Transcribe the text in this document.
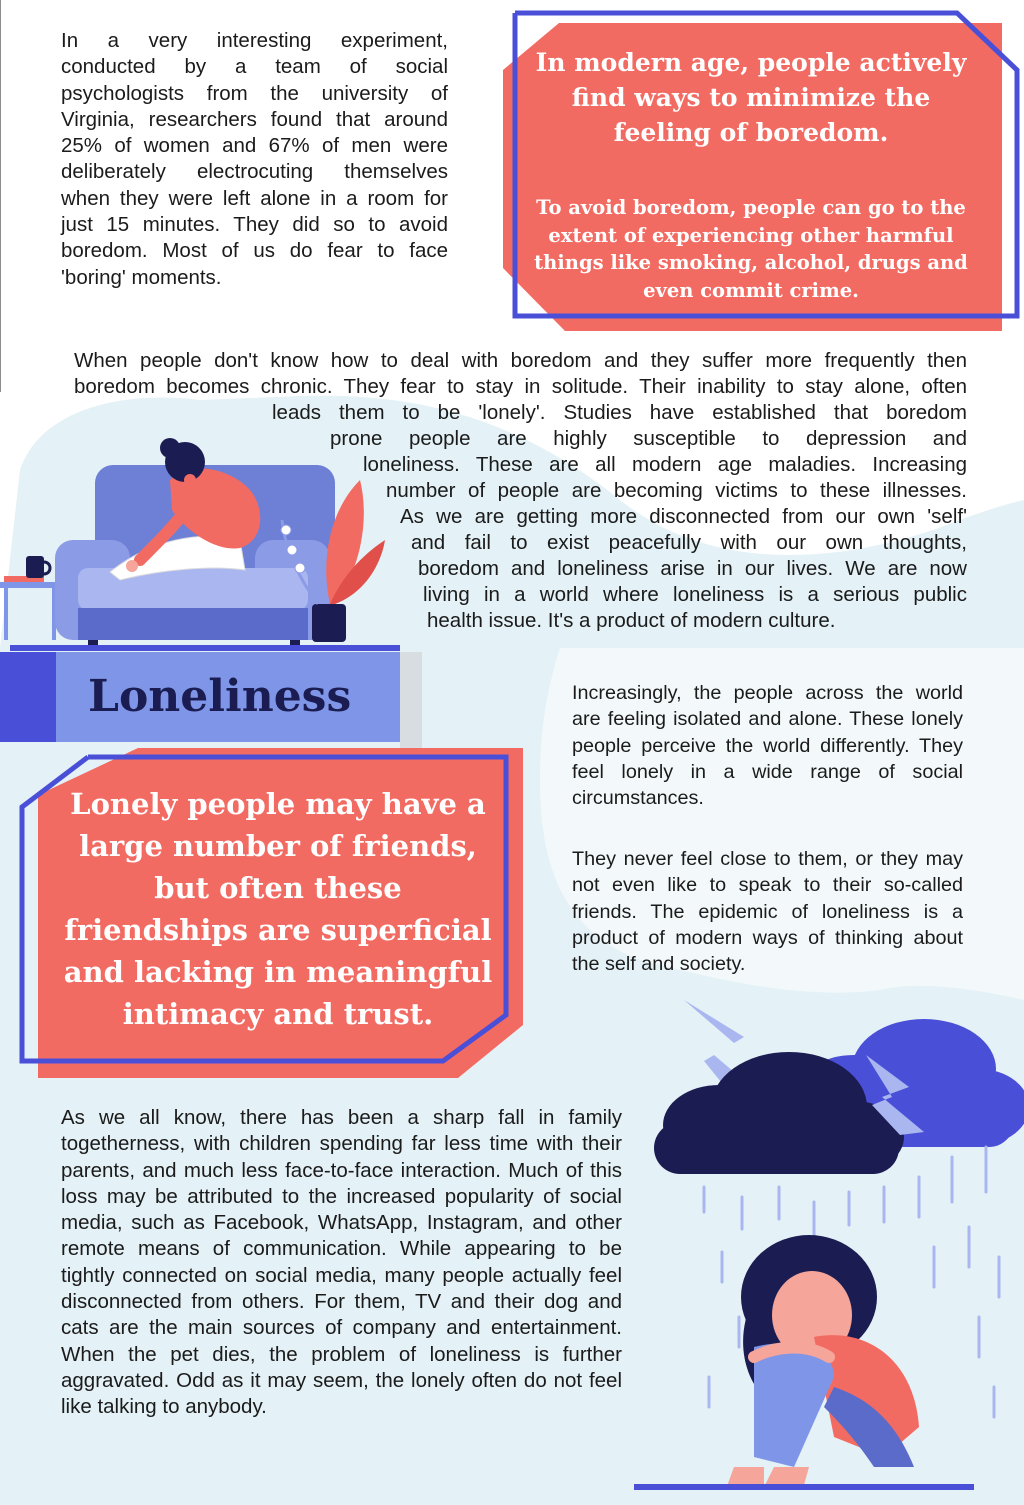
In a very interesting experiment, conducted by a team of social psychologists from the university of Virginia, researchers found that around 25% of women and 67% of men were deliberately electrocuting themselves when they were left alone in a room for just 15 minutes. They did so to avoid boredom. Most of us do fear to face 'boring' moments.

In modern age, people actively find ways to minimize the feeling of boredom.

To avoid boredom, people can go to the extent of experiencing other harmful things like smoking, alcohol, drugs and even commit crime.

When people don't know how to deal with boredom and they suffer more frequently then
boredom becomes chronic. They fear to stay in solitude. Their inability to stay alone, often
leads them to be 'lonely'. Studies have established that boredom
prone people are highly susceptible to depression and
loneliness. These are all modern age maladies. Increasing
number of people are becoming victims to these illnesses.
As we are getting more disconnected from our own 'self'
and fail to exist peacefully with our own thoughts,
boredom and loneliness arise in our lives. We are now
living in a world where loneliness is a serious public
health issue. It's a product of modern culture.
Loneliness

Lonely people may have a large number of friends, but often these friendships are superficial and lacking in meaningful intimacy and trust.

Increasingly, the people across the world are feeling isolated and alone. These lonely people perceive the world differently. They feel lonely in a wide range of social circumstances.

They never feel close to them, or they may not even like to speak to their so-called friends. The epidemic of loneliness is a product of modern ways of thinking about the self and society.

As we all know, there has been a sharp fall in family togetherness, with children spending far less time with their parents, and much less face-to-face interaction. Much of this loss may be attributed to the increased popularity of social media, such as Facebook, WhatsApp, Instagram, and other remote means of communication. While appearing to be tightly connected on social media, many people actually feel disconnected from others. For them, TV and their dog and cats are the main sources of company and entertainment. When the pet dies, the problem of loneliness is further aggravated. Odd as it may seem, the lonely often do not feel like talking to anybody.
